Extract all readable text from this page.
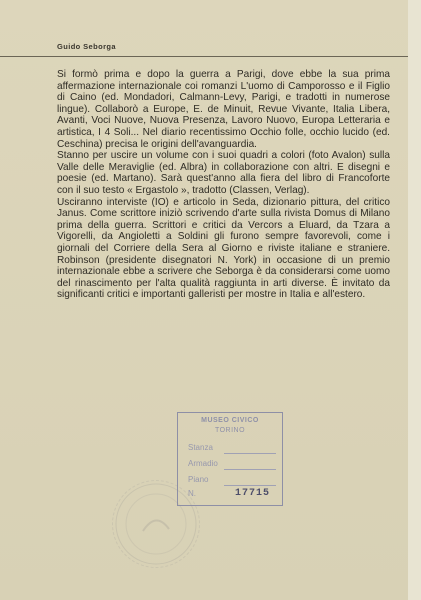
Guido Seborga

Si formò prima e dopo la guerra a Parigi, dove ebbe la sua prima affermazione internazionale coi romanzi L'uomo di Camporosso e il Figlio di Caino (ed. Mondadori, Calmann-Levy, Parigi, e tradotti in numerose lingue). Collaborò a Europe, E. de Minuit, Revue Vivante, Italia Libera, Avanti, Voci Nuove, Nuova Presenza, Lavoro Nuovo, Europa Letteraria e artistica, I 4 Soli... Nel diario recentissimo Occhio folle, occhio lucido (ed. Ceschina) precisa le origini dell'avanguardia.

Stanno per uscire un volume con i suoi quadri a colori (foto Avalon) sulla Valle delle Meraviglie (ed. Albra) in collaborazione con altri. E disegni e poesie (ed. Martano). Sarà quest'anno alla fiera del libro di Francoforte con il suo testo « Ergastolo », tradotto (Classen, Verlag).

Usciranno interviste (IO) e articolo in Seda, dizionario pittura, del critico Janus. Come scrittore iniziò scrivendo d'arte sulla rivista Domus di Milano prima della guerra. Scrittori e critici da Vercors a Eluard, da Tzara a Vigorelli, da Angioletti a Soldini gli furono sempre favorevoli, come i giornali del Corriere della Sera al Giorno e riviste italiane e straniere. Robinson (presidente disegnatori N. York) in occasione di un premio internazionale ebbe a scrivere che Seborga è da considerarsi come uomo del rinascimento per l'alta qualità raggiunta in arti diverse. È invitato da significanti critici e importanti galleristi per mostre in Italia e all'estero.

MUSEO CIVICO
TORINO
Stanza
Armadio
Piano
N.	17715
